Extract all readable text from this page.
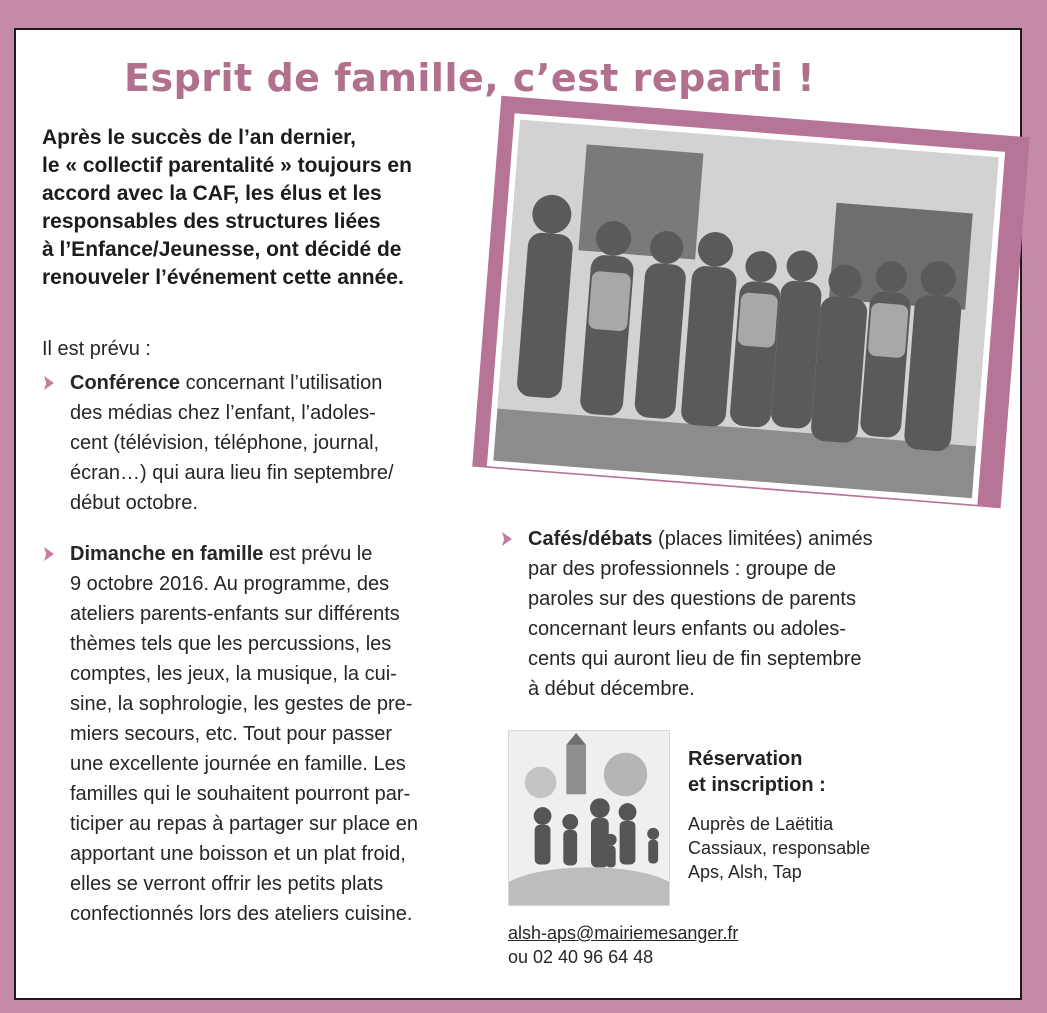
Esprit de famille, c’est reparti !

Après le succès de l’an dernier,
le « collectif parentalité » toujours en
accord avec la CAF, les élus et les
responsables des structures liées
à l’Enfance/Jeunesse, ont décidé de
renouveler l’événement cette année.

Il est prévu :

Conférence concernant l’utilisation
des médias chez l’enfant, l’adoles-
cent (télévision, téléphone, journal,
écran…) qui aura lieu fin septembre/
début octobre.

Dimanche en famille est prévu le
9 octobre 2016. Au programme, des
ateliers parents-enfants sur différents
thèmes tels que les percussions, les
comptes, les jeux, la musique, la cui-
sine, la sophrologie, les gestes de pre-
miers secours, etc. Tout pour passer
une excellente journée en famille. Les
familles qui le souhaitent pourront par-
ticiper au repas à partager sur place en
apportant une boisson et un plat froid,
elles se verront offrir les petits plats
confectionnés lors des ateliers cuisine.

Cafés/débats (places limitées) animés
par des professionnels : groupe de
paroles sur des questions de parents
concernant leurs enfants ou adoles-
cents qui auront lieu de fin septembre
à début décembre.

Réservation
et inscription :

Auprès de Laëtitia
Cassiaux, responsable
Aps, Alsh, Tap

alsh-aps@mairiemesanger.fr

ou 02 40 96 64 48
